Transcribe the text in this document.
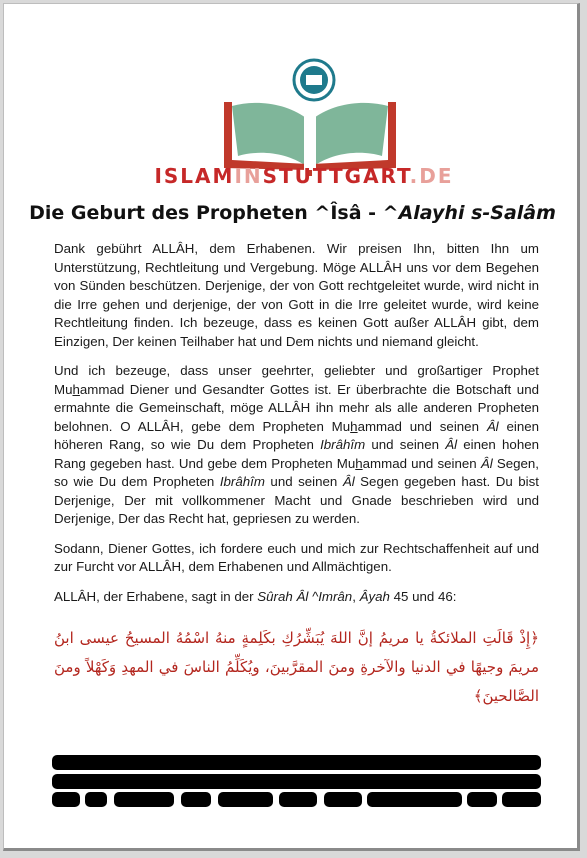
ISLAMINSTUTTGART.DE
Die Geburt des Propheten ^Îsâ - ^Alayhi s-Salâm

Dank gebührt ALLÂH, dem Erhabenen. Wir preisen Ihn, bitten Ihn um Unterstützung, Rechtleitung und Vergebung. Möge ALLÂH uns vor dem Begehen von Sünden beschützen. Derjenige, der von Gott rechtgeleitet wurde, wird nicht in die Irre gehen und derjenige, der von Gott in die Irre geleitet wurde, wird keine Rechtleitung finden. Ich bezeuge, dass es keinen Gott außer ALLÂH gibt, dem Einzigen, Der keinen Teilhaber hat und Dem nichts und niemand gleicht.

Und ich bezeuge, dass unser geehrter, geliebter und großartiger Prophet Muhammad Diener und Gesandter Gottes ist. Er überbrachte die Botschaft und ermahnte die Gemeinschaft, möge ALLÂH ihn mehr als alle anderen Propheten belohnen. O ALLÂH, gebe dem Propheten Muhammad und seinen Âl einen höheren Rang, so wie Du dem Propheten Ibrâhîm und seinen Âl einen hohen Rang gegeben hast. Und gebe dem Propheten Muhammad und seinen Âl Segen, so wie Du dem Propheten Ibrâhîm und seinen Âl Segen gegeben hast. Du bist Derjenige, Der mit vollkommener Macht und Gnade beschrieben wird und Derjenige, Der das Recht hat, gepriesen zu werden.

Sodann, Diener Gottes, ich fordere euch und mich zur Rechtschaffenheit auf und zur Furcht vor ALLÂH, dem Erhabenen und Allmächtigen.

ALLÂH, der Erhabene, sagt in der Sûrah Âl ^Imrân, Âyah 45 und 46:

﴿إِذْ قَالَتِ الملائكةُ يا مريمُ إنَّ اللهَ يُبَشِّرُكِ بكَلِمةٍ منهُ اسْمُهُ المسيحُ عيسى ابنُ مريمَ وجيهًا في الدنيا والآخرةِ ومنَ المقرَّبينَ، ويُكَلِّمُ الناسَ في المهدِ وَكَهْلاً ومنَ الصَّالحينَ﴾
